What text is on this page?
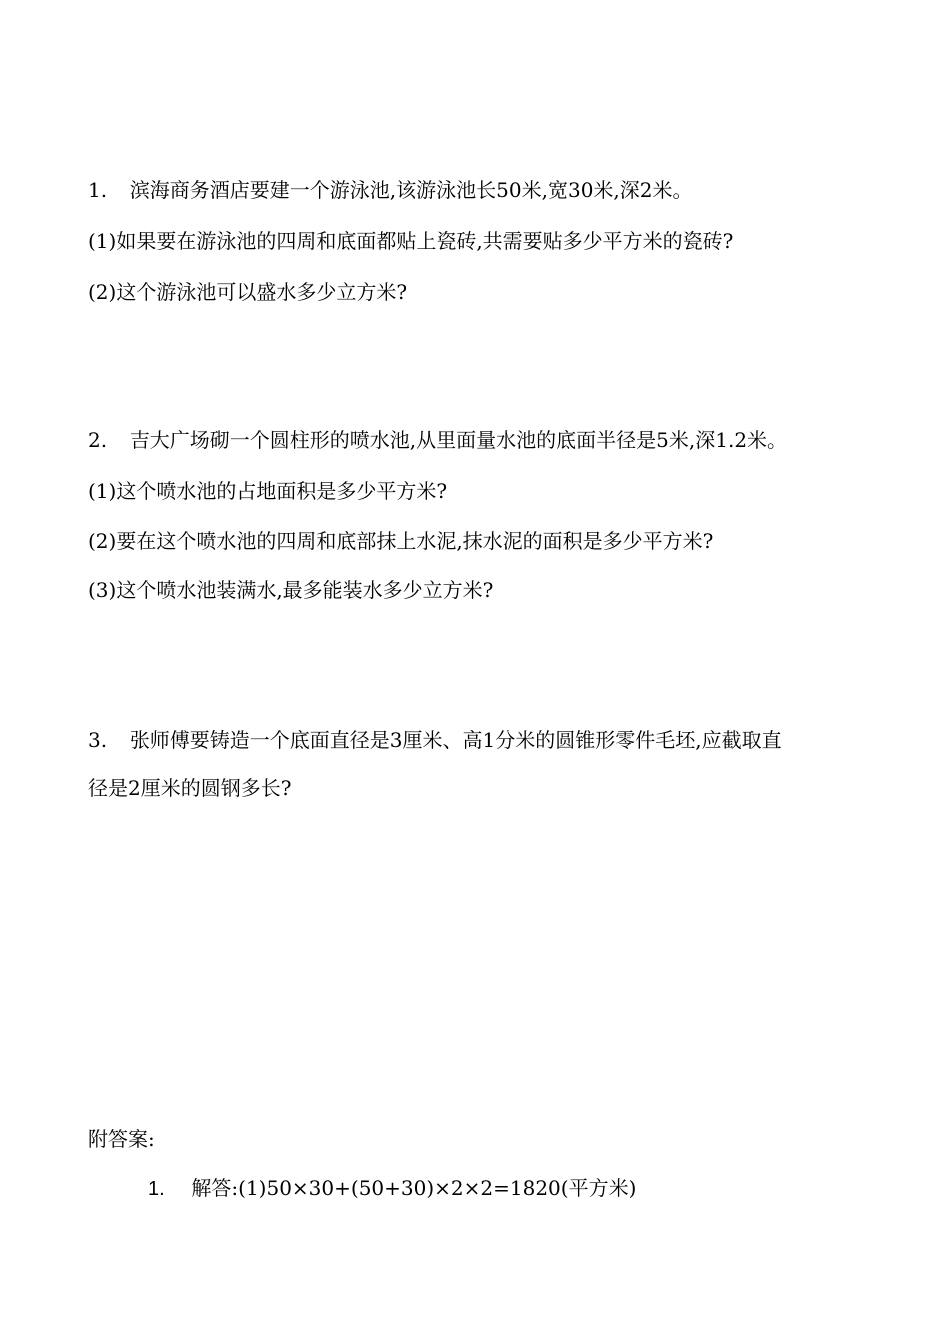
1. 滨海商务酒店要建一个游泳池,该游泳池长50米,宽30米,深2米。
(1)如果要在游泳池的四周和底面都贴上瓷砖,共需要贴多少平方米的瓷砖?
(2)这个游泳池可以盛水多少立方米?
2. 吉大广场砌一个圆柱形的喷水池,从里面量水池的底面半径是5米,深1.2米。
(1)这个喷水池的占地面积是多少平方米?
(2)要在这个喷水池的四周和底部抹上水泥,抹水泥的面积是多少平方米?
(3)这个喷水池装满水,最多能装水多少立方米?
3. 张师傅要铸造一个底面直径是3厘米、高1分米的圆锥形零件毛坯,应截取直
径是2厘米的圆钢多长?
附答案:
1. 解答:(1)50×30+(50+30)×2×2=1820(平方米)
